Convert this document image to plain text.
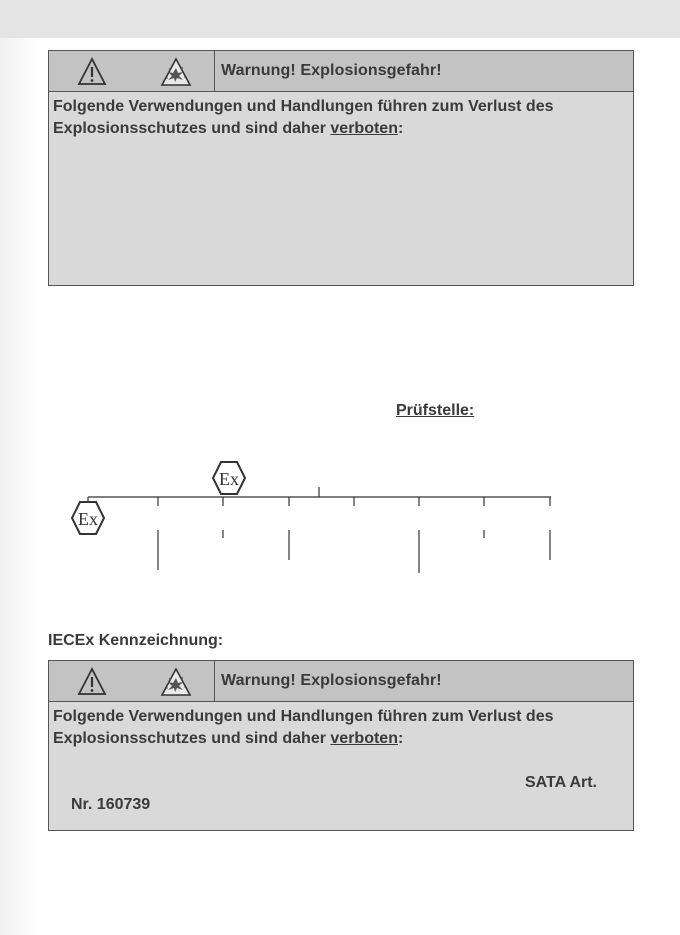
Warnung! Explosionsgefahr!
Folgende Verwendungen und Handlungen führen zum Verlust des Explosionsschutzes und sind daher verboten:
Prüfstelle:
Ex
Ex
IECEx Kennzeichnung:
Warnung! Explosionsgefahr!
Folgende Verwendungen und Handlungen führen zum Verlust des Explosionsschutzes und sind daher verboten:
SATA Art.
Nr. 160739
